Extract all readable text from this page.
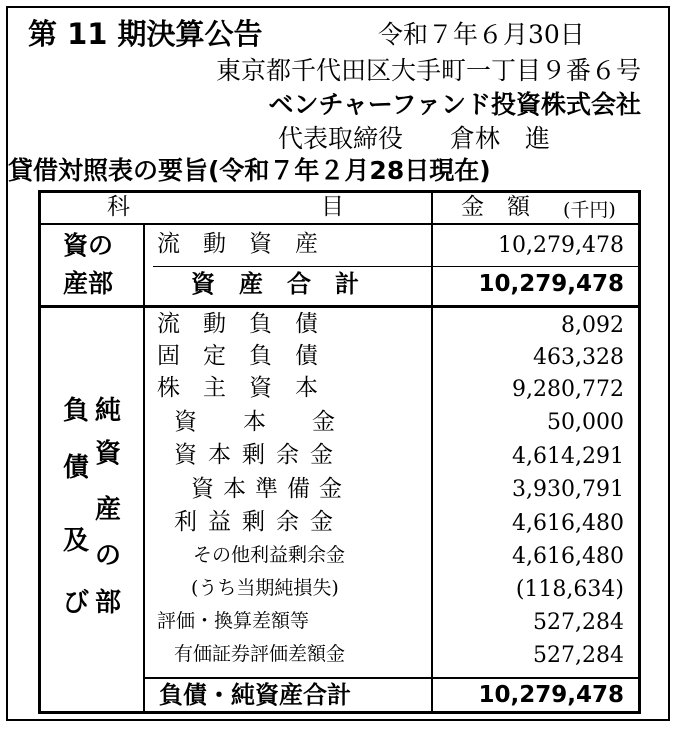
第 11 期決算公告	令和７年６月30日
東京都千代田区大手町一丁目９番６号
ベンチャーファンド投資株式会社
代表取締役 倉林　進
貸借対照表の要旨(令和７年２月28日現在)
科	目	金　額 (千円)
資の
産部
負
債
及
び
純
資
産
の
部
流　動　資　産	10,279,478
資　産　合　計	10,279,478
流　動　負　債	8,092
固　定　負　債	463,328
株　主　資　本	9,280,772
資　　本　　金	50,000
資本剰余金	4,614,291
資本準備金	3,930,791
利益剰余金	4,616,480
その他利益剰余金	4,616,480
(うち当期純損失)	(118,634)
評価・換算差額等	527,284
有価証券評価差額金	527,284
負債・純資産合計	10,279,478
